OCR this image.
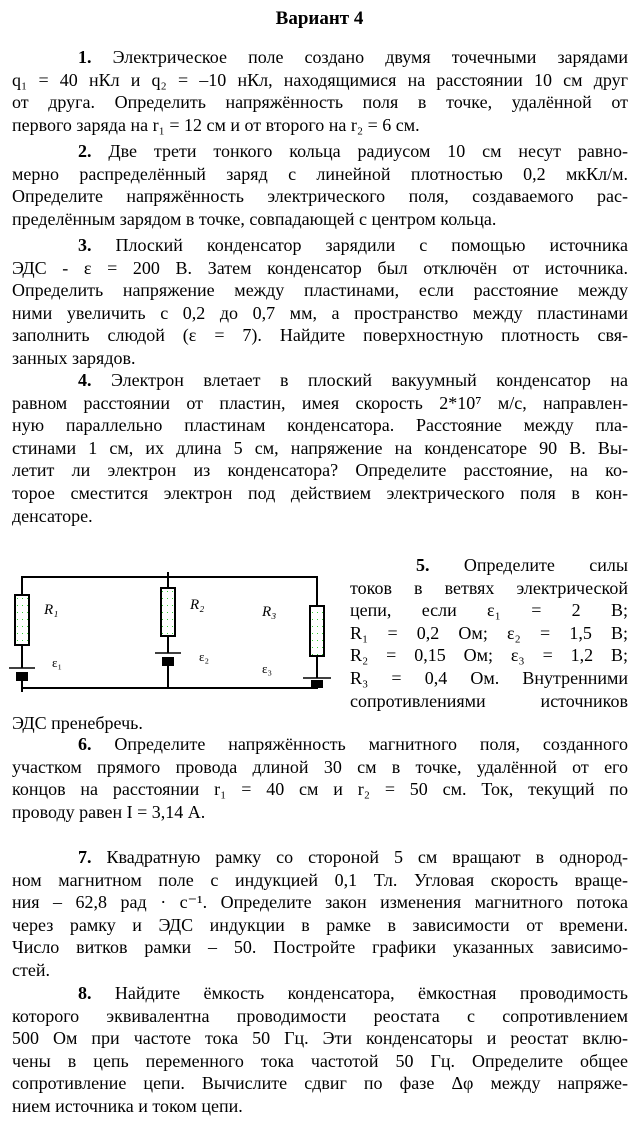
Вариант 4
1. Электрическое поле создано двумя точечными зарядами
q₁ = 40 нКл и q₂ = –10 нКл, находящимися на расстоянии 10 см друг
от друга. Определить напряжённость поля в точке, удалённой от
первого заряда на r₁ = 12 см и от второго на r₂ = 6 см.
2. Две трети тонкого кольца радиусом 10 см несут равно-
мерно распределённый заряд с линейной плотностью 0,2 мкКл/м.
Определите напряжённость электрического поля, создаваемого рас-
пределённым зарядом в точке, совпадающей с центром кольца.
3. Плоский конденсатор зарядили с помощью источника
ЭДС - ε = 200 В. Затем конденсатор был отключён от источника.
Определить напряжение между пластинами, если расстояние между
ними увеличить с 0,2 до 0,7 мм, а пространство между пластинами
заполнить слюдой (ε = 7). Найдите поверхностную плотность свя-
занных зарядов.
4. Электрон влетает в плоский вакуумный конденсатор на
равном расстоянии от пластин, имея скорость 2*10⁷ м/с, направлен-
ную параллельно пластинам конденсатора. Расстояние между пла-
стинами 1 см, их длина 5 см, напряжение на конденсаторе 90 В. Вы-
летит ли электрон из конденсатора? Определите расстояние, на ко-
торое сместится электрон под действием электрического поля в кон-
денсаторе.
5. Определите силы
токов в ветвях электрической
цепи, если ε₁ = 2 В;
R₁ = 0,2 Ом; ε₂ = 1,5 В;
R₂ = 0,15 Ом; ε₃ = 1,2 В;
R₃ = 0,4 Ом. Внутренними
сопротивлениями источников
ЭДС пренебречь.
6. Определите напряжённость магнитного поля, созданного
участком прямого провода длиной 30 см в точке, удалённой от его
концов на расстоянии r₁ = 40 см и r₂ = 50 см. Ток, текущий по
проводу равен I = 3,14 А.
7. Квадратную рамку со стороной 5 см вращают в однород-
ном магнитном поле с индукцией 0,1 Тл. Угловая скорость враще-
ния – 62,8 рад · с⁻¹. Определите закон изменения магнитного потока
через рамку и ЭДС индукции в рамке в зависимости от времени.
Число витков рамки – 50. Постройте графики указанных зависимо-
стей.
8. Найдите ёмкость конденсатора, ёмкостная проводимость
которого эквивалентна проводимости реостата с сопротивлением
500 Ом при частоте тока 50 Гц. Эти конденсаторы и реостат вклю-
чены в цепь переменного тока частотой 50 Гц. Определите общее
сопротивление цепи. Вычислите сдвиг по фазе Δφ между напряже-
нием источника и током цепи.
R₁	R₂	R₃
ε₁	ε₂
ε₃
